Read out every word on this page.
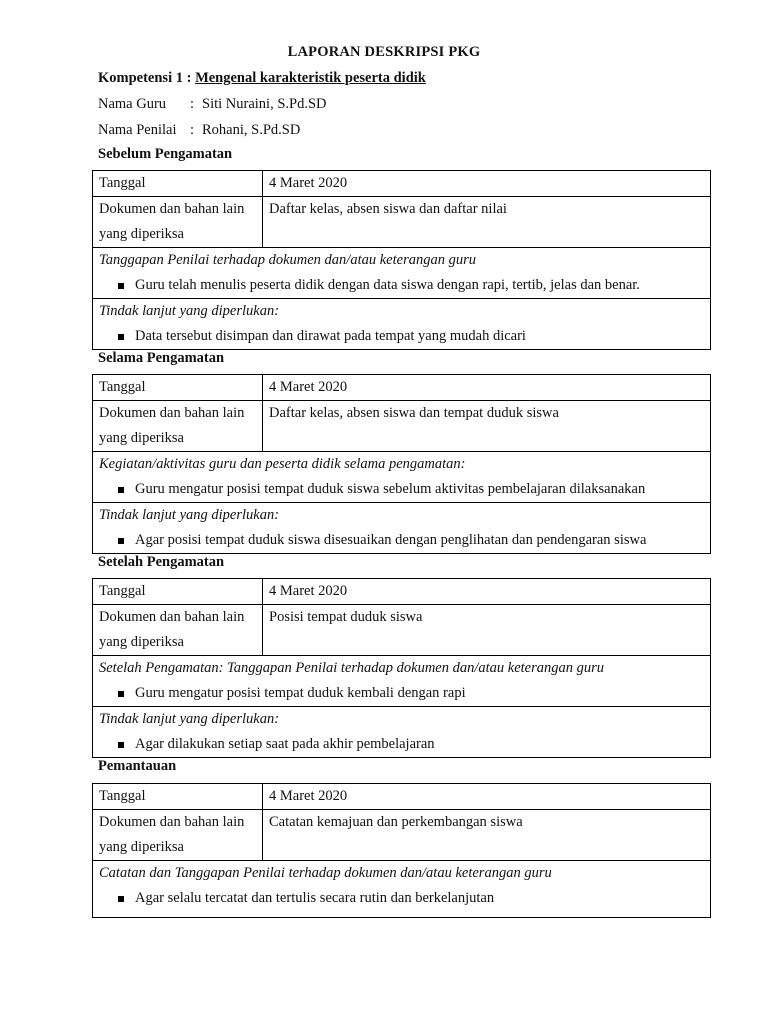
LAPORAN DESKRIPSI PKG
Kompetensi 1 : Mengenal karakteristik peserta didik
Nama Guru : Siti Nuraini, S.Pd.SD
Nama Penilai : Rohani, S.Pd.SD
Sebelum Pengamatan
Tanggal	4 Maret 2020

Dokumen dan bahan lain
yang diperiksa	Daftar kelas, absen siswa dan daftar nilai

Tanggapan Penilai terhadap dokumen dan/atau keterangan guru
Guru telah menulis peserta didik dengan data siswa dengan rapi, tertib, jelas dan benar.	

Tindak lanjut yang diperlukan:
Data tersebut disimpan dan dirawat pada tempat yang mudah dicari	
Selama Pengamatan
Tanggal	4 Maret 2020

Dokumen dan bahan lain
yang diperiksa	Daftar kelas, absen siswa dan tempat duduk siswa

Kegiatan/aktivitas guru dan peserta didik selama pengamatan:
Guru mengatur posisi tempat duduk siswa sebelum aktivitas pembelajaran dilaksanakan	

Tindak lanjut yang diperlukan:
Agar posisi tempat duduk siswa disesuaikan dengan penglihatan dan pendengaran siswa	
Setelah Pengamatan
Tanggal	4 Maret 2020

Dokumen dan bahan lain
yang diperiksa	Posisi tempat duduk siswa

Setelah Pengamatan: Tanggapan Penilai terhadap dokumen dan/atau keterangan guru
Guru mengatur posisi tempat duduk kembali dengan rapi	

Tindak lanjut yang diperlukan:
Agar dilakukan setiap saat pada akhir pembelajaran	
Pemantauan
Tanggal	4 Maret 2020

Dokumen dan bahan lain
yang diperiksa	Catatan kemajuan dan perkembangan siswa

Catatan dan Tanggapan Penilai terhadap dokumen dan/atau keterangan guru
Agar selalu tercatat dan tertulis secara rutin dan berkelanjutan	
